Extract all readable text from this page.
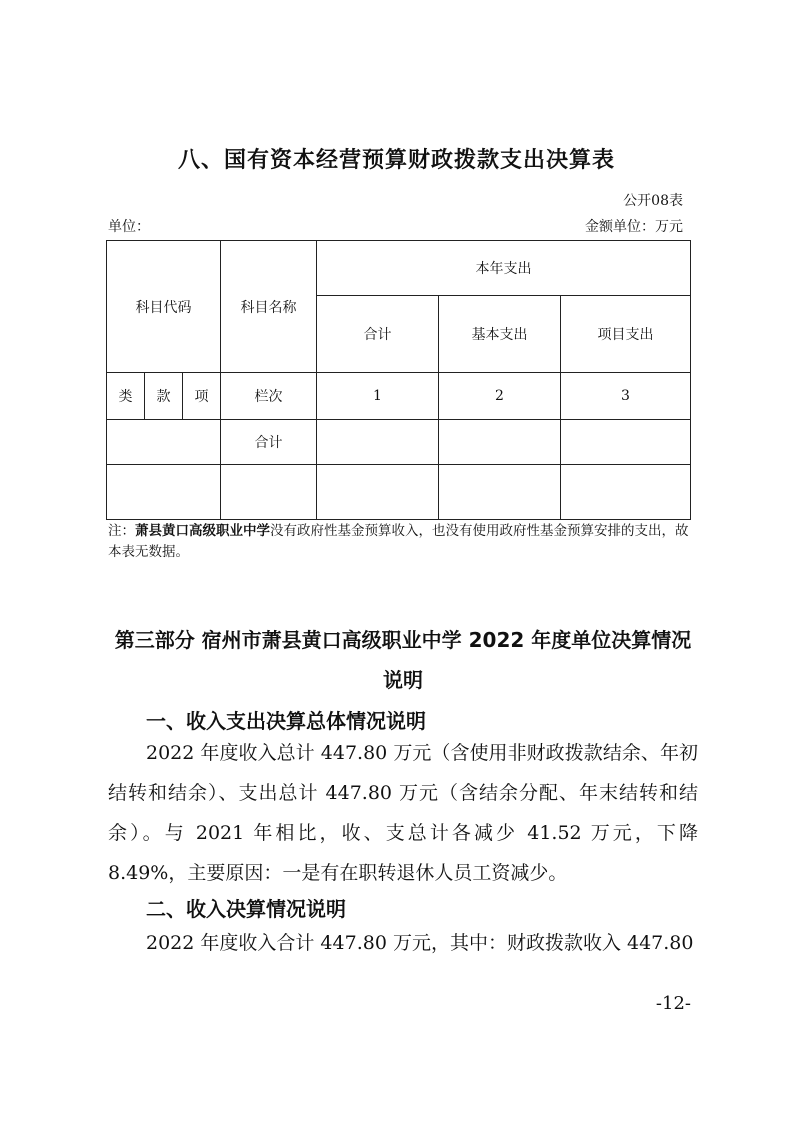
八、国有资本经营预算财政拨款支出决算表
公开08表
单位：	金额单位：万元
科目代码			科目名称	本年支出		
				合计	基本支出	项目支出
类	款	项	栏次	1	2	3
			合计			

注：萧县黄口高级职业中学没有政府性基金预算收入，也没有使用政府性基金预算安排的支出，故本表无数据。
第三部分 宿州市萧县黄口高级职业中学 2022 年度单位决算情况说明
一、收入支出决算总体情况说明
2022 年度收入总计 447.80 万元（含使用非财政拨款结余、年初结转和结余）、支出总计 447.80 万元（含结余分配、年末结转和结余）。与 2021 年相比，收、支总计各减少 41.52 万元，下降 8.49%，主要原因：一是有在职转退休人员工资减少。
二、收入决算情况说明
2022 年度收入合计 447.80 万元，其中：财政拨款收入 447.80
-12-
